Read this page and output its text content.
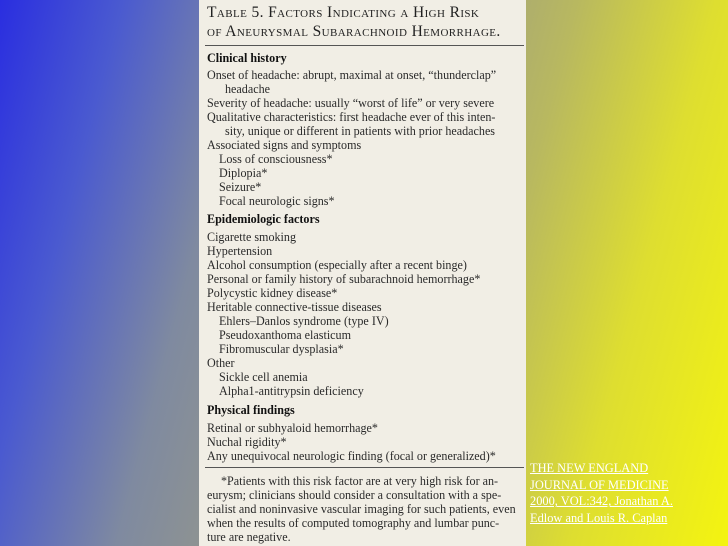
Table 5. Factors Indicating a High Risk
of Aneurysmal Subarachnoid Hemorrhage.
Clinical history
Onset of headache: abrupt, maximal at onset, “thunderclap”
headache
Severity of headache: usually “worst of life” or very severe
Qualitative characteristics: first headache ever of this inten-
sity, unique or different in patients with prior headaches
Associated signs and symptoms
Loss of consciousness*
Diplopia*
Seizure*
Focal neurologic signs*
Epidemiologic factors
Cigarette smoking
Hypertension
Alcohol consumption (especially after a recent binge)
Personal or family history of subarachnoid hemorrhage*
Polycystic kidney disease*
Heritable connective-tissue diseases
Ehlers–Danlos syndrome (type IV)
Pseudoxanthoma elasticum
Fibromuscular dysplasia*
Other
Sickle cell anemia
Alpha1-antitrypsin deficiency
Physical findings
Retinal or subhyaloid hemorrhage*
Nuchal rigidity*
Any unequivocal neurologic finding (focal or generalized)*
*Patients with this risk factor are at very high risk for an-
eurysm; clinicians should consider a consultation with a spe-
cialist and noninvasive vascular imaging for such patients, even
when the results of computed tomography and lumbar punc-
ture are negative.
THE NEW ENGLAND
JOURNAL OF MEDICINE
2000, VOL:342, Jonathan A.
Edlow and Louis R. Caplan
